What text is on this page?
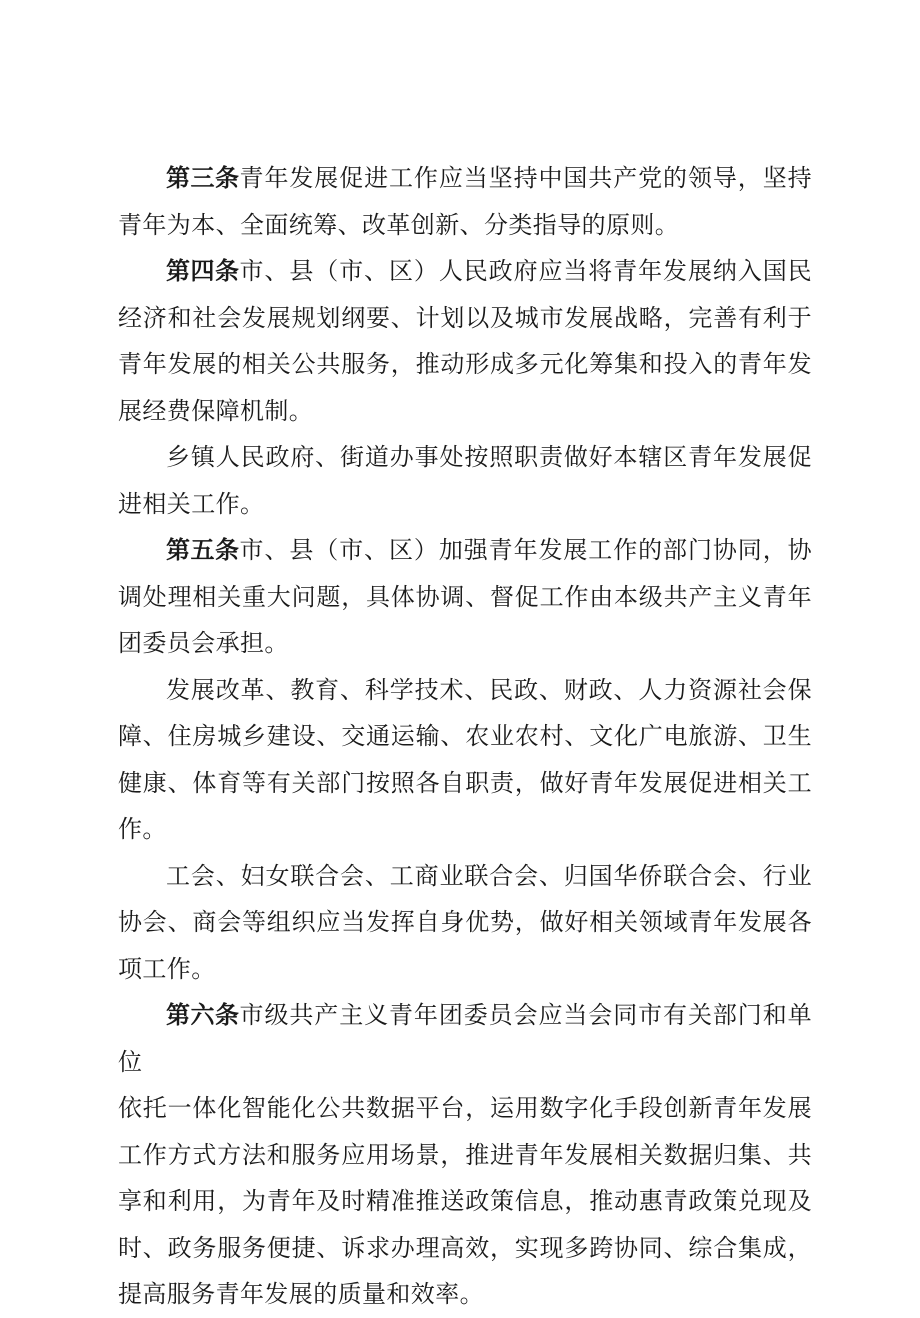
第三条青年发展促进工作应当坚持中国共产党的领导，坚持青年为本、全面统筹、改革创新、分类指导的原则。

第四条市、县（市、区）人民政府应当将青年发展纳入国民经济和社会发展规划纲要、计划以及城市发展战略，完善有利于青年发展的相关公共服务，推动形成多元化筹集和投入的青年发展经费保障机制。

乡镇人民政府、街道办事处按照职责做好本辖区青年发展促进相关工作。

第五条市、县（市、区）加强青年发展工作的部门协同，协调处理相关重大问题，具体协调、督促工作由本级共产主义青年团委员会承担。

发展改革、教育、科学技术、民政、财政、人力资源社会保障、住房城乡建设、交通运输、农业农村、文化广电旅游、卫生健康、体育等有关部门按照各自职责，做好青年发展促进相关工作。

工会、妇女联合会、工商业联合会、归国华侨联合会、行业协会、商会等组织应当发挥自身优势，做好相关领域青年发展各项工作。

第六条市级共产主义青年团委员会应当会同市有关部门和单位
依托一体化智能化公共数据平台，运用数字化手段创新青年发展工作方式方法和服务应用场景，推进青年发展相关数据归集、共享和利用，为青年及时精准推送政策信息，推动惠青政策兑现及时、政务服务便捷、诉求办理高效，实现多跨协同、综合集成，提高服务青年发展的质量和效率。
